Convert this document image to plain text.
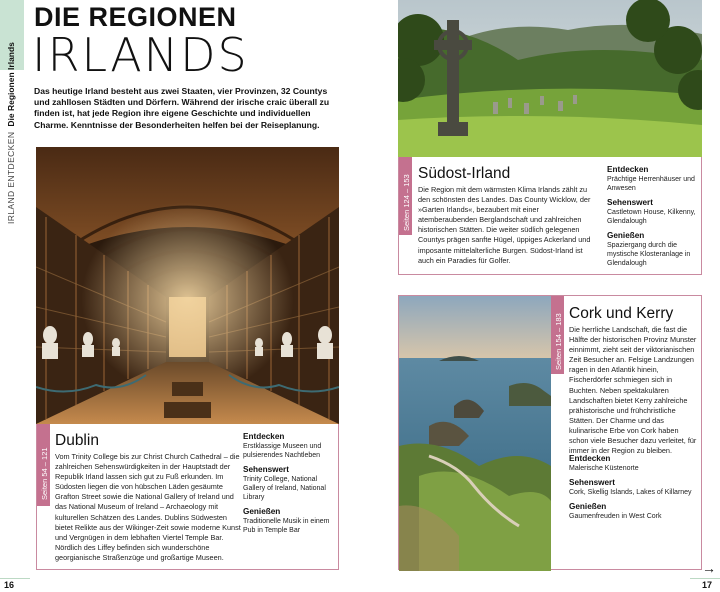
IRLAND ENTDECKENDie Regionen Irlands
DIE REGIONEN
IRLANDS
Das heutige Irland besteht aus zwei Staaten, vier Provinzen, 32 Countys und zahllosen Städten und Dörfern. Während der irische craic überall zu finden ist, hat jede Region ihre eigene Geschichte und individuellen Charme. Kenntnisse der Besonderheiten helfen bei der Reiseplanung.
Seiten 54 – 121
Dublin
Vom Trinity College bis zur Christ Church Cathedral – die zahlreichen Sehenswürdigkeiten in der Hauptstadt der Republik Irland lassen sich gut zu Fuß erkunden. Im Südosten liegen die von hübschen Läden gesäumte Grafton Street sowie die National Gallery of Ireland und das National Museum of Ireland – Archaeology mit kulturellen Schätzen des Landes. Dublins Südwesten bietet Relikte aus der Wikinger-Zeit sowie moderne Kunst und Vergnügen in dem lebhaften Viertel Temple Bar. Nördlich des Liffey befinden sich wunderschöne georgianische Straßenzüge und großartige Museen.
Entdecken
Erstklassige Museen und pulsierendes Nachtleben
Sehenswert
Trinity College, National Gallery of Ireland, National Library
Genießen
Traditionelle Musik in einem Pub in Temple Bar
16
Seiten 124 – 153
Südost-Irland
Die Region mit dem wärmsten Klima Irlands zählt zu den schönsten des Landes. Das County Wicklow, der »Garten Irlands«, bezaubert mit einer atemberaubenden Berglandschaft und zahlreichen historischen Stätten. Die weiter südlich gelegenen Countys prägen sanfte Hügel, üppiges Ackerland und imposante mittelalterliche Burgen. Südost-Irland ist auch ein Paradies für Golfer.
Entdecken
Prächtige Herrenhäuser und Anwesen
Sehenswert
Castletown House, Kilkenny, Glendalough
Genießen
Spaziergang durch die mystische Klosteranlage in Glendalough
Seiten 154 – 183 Cork und Kerry
Die herrliche Landschaft, die fast die Hälfte der historischen Provinz Munster einnimmt, zieht seit der viktorianischen Zeit Besucher an. Felsige Landzungen ragen in den Atlantik hinein, Fischerdörfer schmiegen sich in Buchten. Neben spektakulären Landschaften bietet Kerry zahlreiche prähistorische und frühchristliche Stätten. Der Charme und das kulinarische Erbe von Cork haben schon viele Besucher dazu verleitet, für immer in der Region zu bleiben.
Entdecken
Malerische Küstenorte
Sehenswert
Cork, Skellig Islands, Lakes of Killarney
Genießen
Gaumenfreuden in West Cork
→
17
